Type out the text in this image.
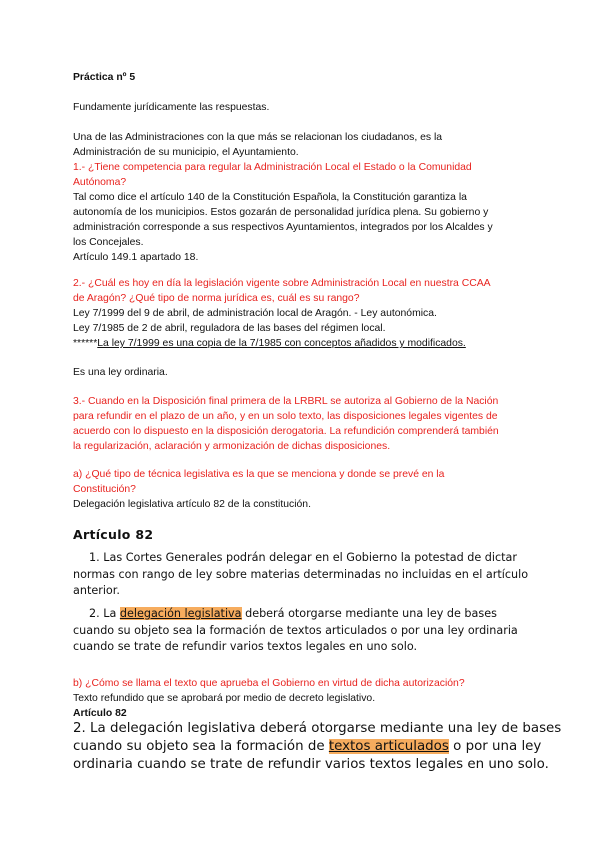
Práctica nº 5
Fundamente jurídicamente las respuestas.
Una de las Administraciones con la que más se relacionan los ciudadanos, es la
Administración de su municipio, el Ayuntamiento.
1.- ¿Tiene competencia para regular la Administración Local el Estado o la Comunidad
Autónoma?
Tal como dice el artículo 140 de la Constitución Española, la Constitución garantiza la
autonomía de los municipios. Estos gozarán de personalidad jurídica plena. Su gobierno y
administración corresponde a sus respectivos Ayuntamientos, integrados por los Alcaldes y
los Concejales.
Artículo 149.1 apartado 18.
2.- ¿Cuál es hoy en día la legislación vigente sobre Administración Local en nuestra CCAA
de Aragón? ¿Qué tipo de norma jurídica es, cuál es su rango?
Ley 7/1999 del 9 de abril, de administración local de Aragón. - Ley autonómica.
Ley 7/1985 de 2 de abril, reguladora de las bases del régimen local.
******La ley 7/1999 es una copia de la 7/1985 con conceptos añadidos y modificados.
Es una ley ordinaria.
3.- Cuando en la Disposición final primera de la LRBRL se autoriza al Gobierno de la Nación
para refundir en el plazo de un año, y en un solo texto, las disposiciones legales vigentes de
acuerdo con lo dispuesto en la disposición derogatoria. La refundición comprenderá también
la regularización, aclaración y armonización de dichas disposiciones.
a) ¿Qué tipo de técnica legislativa es la que se menciona y donde se prevé en la
Constitución?
Delegación legislativa artículo 82 de la constitución.
Artículo 82
1. Las Cortes Generales podrán delegar en el Gobierno la potestad de dictar
normas con rango de ley sobre materias determinadas no incluidas en el artículo
anterior.
2. La delegación legislativa deberá otorgarse mediante una ley de bases
cuando su objeto sea la formación de textos articulados o por una ley ordinaria
cuando se trate de refundir varios textos legales en uno solo.
b) ¿Cómo se llama el texto que aprueba el Gobierno en virtud de dicha autorización?
Texto refundido que se aprobará por medio de decreto legislativo.
Artículo 82
2. La delegación legislativa deberá otorgarse mediante una ley de bases
cuando su objeto sea la formación de textos articulados o por una ley
ordinaria cuando se trate de refundir varios textos legales en uno solo.
